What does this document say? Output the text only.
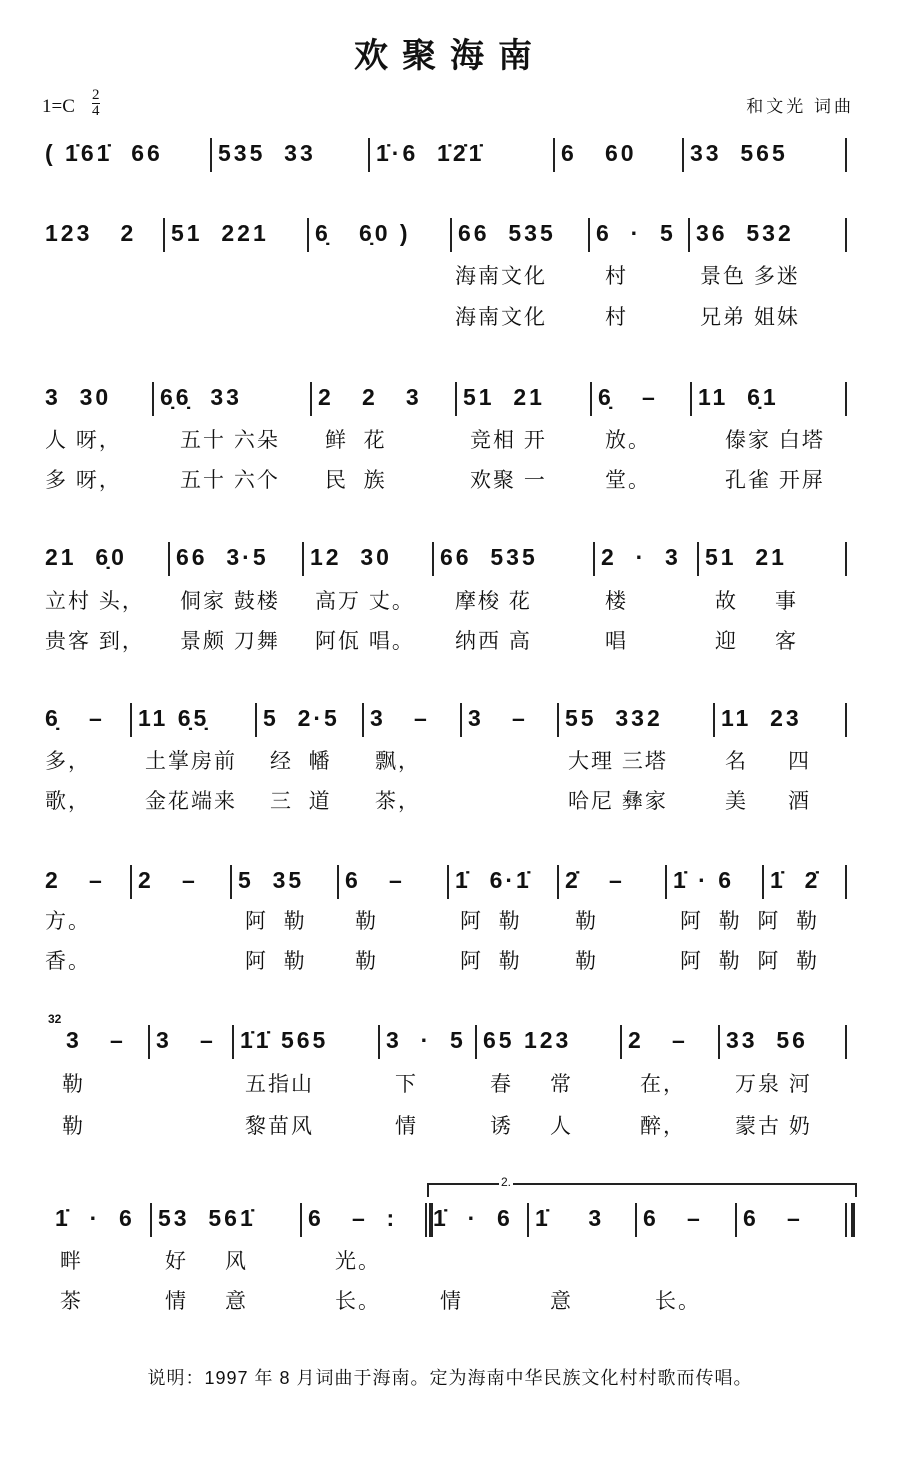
欢聚海南
1=C
2
4	和文光 词曲
( 1̇61̇  66	535  33	1̇·6  1̇2̇1̇	6   60	33  565
123   2	51  221	6̣   6̣0 )	66  535	6  ·  5 36  532
海南文化	村	景色 多迷
海南文化	村	兄弟 姐妹
3  30	6̣6̣  33	2   2   3	51  21	6̣   –	11  6̣1
人 呀，	五十 六朵 鲜  花	竞相 开	放。	傣家 白塔
多 呀，	五十 六个 民  族	欢聚 一	堂。	孔雀 开屏
21  6̣0	66  3·5	12  30	66  535	2  ·  3	51  21
立村 头， 侗家 鼓楼 高万 丈。 摩梭 花	楼	故 事
贵客 到， 景颇 刀舞 阿佤 唱。 纳西 高	唱	迎 客
6̣   –	11 6̣5̣	5  2·5	3   –	3   –	55  332	11  23
多，	土掌房前 经  幡 飘，	大理 三塔	名 四
歌，	金花端来 三  道 茶，	哈尼 彝家	美 酒
2   –	2   –	5  35	6   –	1̇  6·1̇	2̇   –	1̇ · 6	1̇  2̇
方。	阿  勒 勒	阿  勒	勒	阿  勒  阿  勒
香。	阿  勒 勒	阿  勒	勒	阿  勒  阿  勒
3   –	3   –	1̇1̇ 565	3  ·  5 65 123	2   –	33  56
勒	五指山	下	春 常	在， 万泉 河
勒	黎苗风	情	诱 人	醉， 蒙古 奶
1̇  ·  6 53  561̇	6   –  :	1̇  ·  6 1̇    3	6   –	6   –
畔	好 风	光。
茶	情 意	长。	情	意	长。
2.
32
说明：1997 年 8 月词曲于海南。定为海南中华民族文化村村歌而传唱。
